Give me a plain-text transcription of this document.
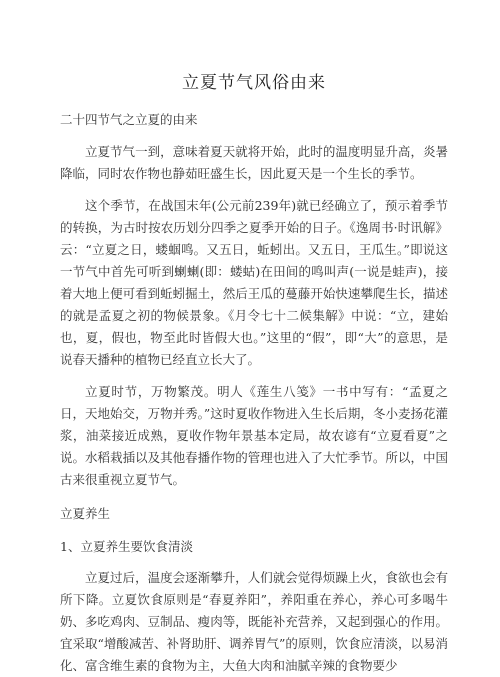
立夏节气风俗由来

二十四节气之立夏的由来

立夏节气一到，意味着夏天就将开始，此时的温度明显升高，炎暑降临，同时农作物也静茹旺盛生长，因此夏天是一个生长的季节。

这个季节，在战国末年(公元前239年)就已经确立了，预示着季节的转换，为古时按农历划分四季之夏季开始的日子。《逸周书·时讯解》云：“立夏之日，蝼蝈鸣。又五日，蚯蚓出。又五日，王瓜生。”即说这一节气中首先可听到蝲蝲(即：蝼蛄)在田间的鸣叫声(一说是蛙声)，接着大地上便可看到蚯蚓掘土，然后王瓜的蔓藤开始快速攀爬生长，描述的就是孟夏之初的物候景象。《月令七十二候集解》中说：“立，建始也，夏，假也，物至此时皆假大也。”这里的“假”，即“大”的意思，是说春天播种的植物已经直立长大了。

立夏时节，万物繁茂。明人《莲生八笺》一书中写有：“孟夏之日，天地始交，万物并秀。”这时夏收作物进入生长后期，冬小麦扬花灌浆，油菜接近成熟，夏收作物年景基本定局，故农谚有“立夏看夏”之说。水稻栽插以及其他春播作物的管理也进入了大忙季节。所以，中国古来很重视立夏节气。

立夏养生

1、立夏养生要饮食清淡

立夏过后，温度会逐渐攀升，人们就会觉得烦躁上火，食欲也会有所下降。立夏饮食原则是“春夏养阳”，养阳重在养心，养心可多喝牛奶、多吃鸡肉、豆制品、瘦肉等，既能补充营养，又起到强心的作用。宜采取“增酸减苦、补肾助肝、调养胃气”的原则，饮食应清淡，以易消化、富含维生素的食物为主，大鱼大肉和油腻辛辣的食物要少
